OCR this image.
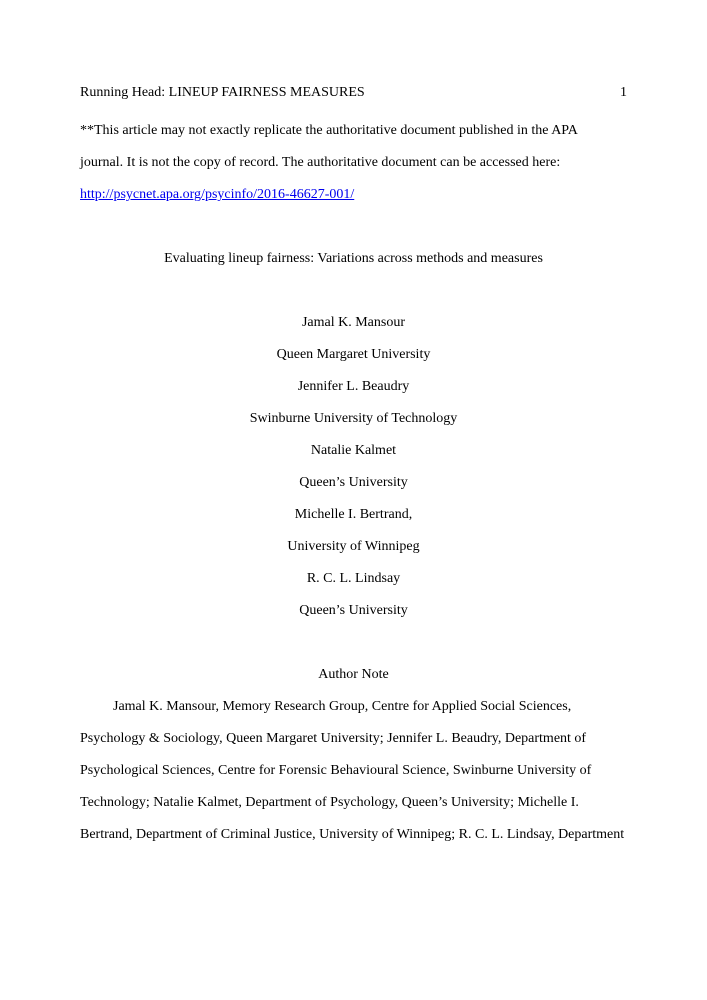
Running Head: LINEUP FAIRNESS MEASURES	1
**This article may not exactly replicate the authoritative document published in the APA
journal. It is not the copy of record. The authoritative document can be accessed here:
http://psycnet.apa.org/psycinfo/2016-46627-001/
Evaluating lineup fairness: Variations across methods and measures
Jamal K. Mansour
Queen Margaret University
Jennifer L. Beaudry
Swinburne University of Technology
Natalie Kalmet
Queen’s University
Michelle I. Bertrand,
University of Winnipeg
R. C. L. Lindsay
Queen’s University
Author Note
Jamal K. Mansour, Memory Research Group, Centre for Applied Social Sciences,
Psychology & Sociology, Queen Margaret University; Jennifer L. Beaudry, Department of
Psychological Sciences, Centre for Forensic Behavioural Science, Swinburne University of
Technology; Natalie Kalmet, Department of Psychology, Queen’s University; Michelle I.
Bertrand, Department of Criminal Justice, University of Winnipeg; R. C. L. Lindsay, Department
